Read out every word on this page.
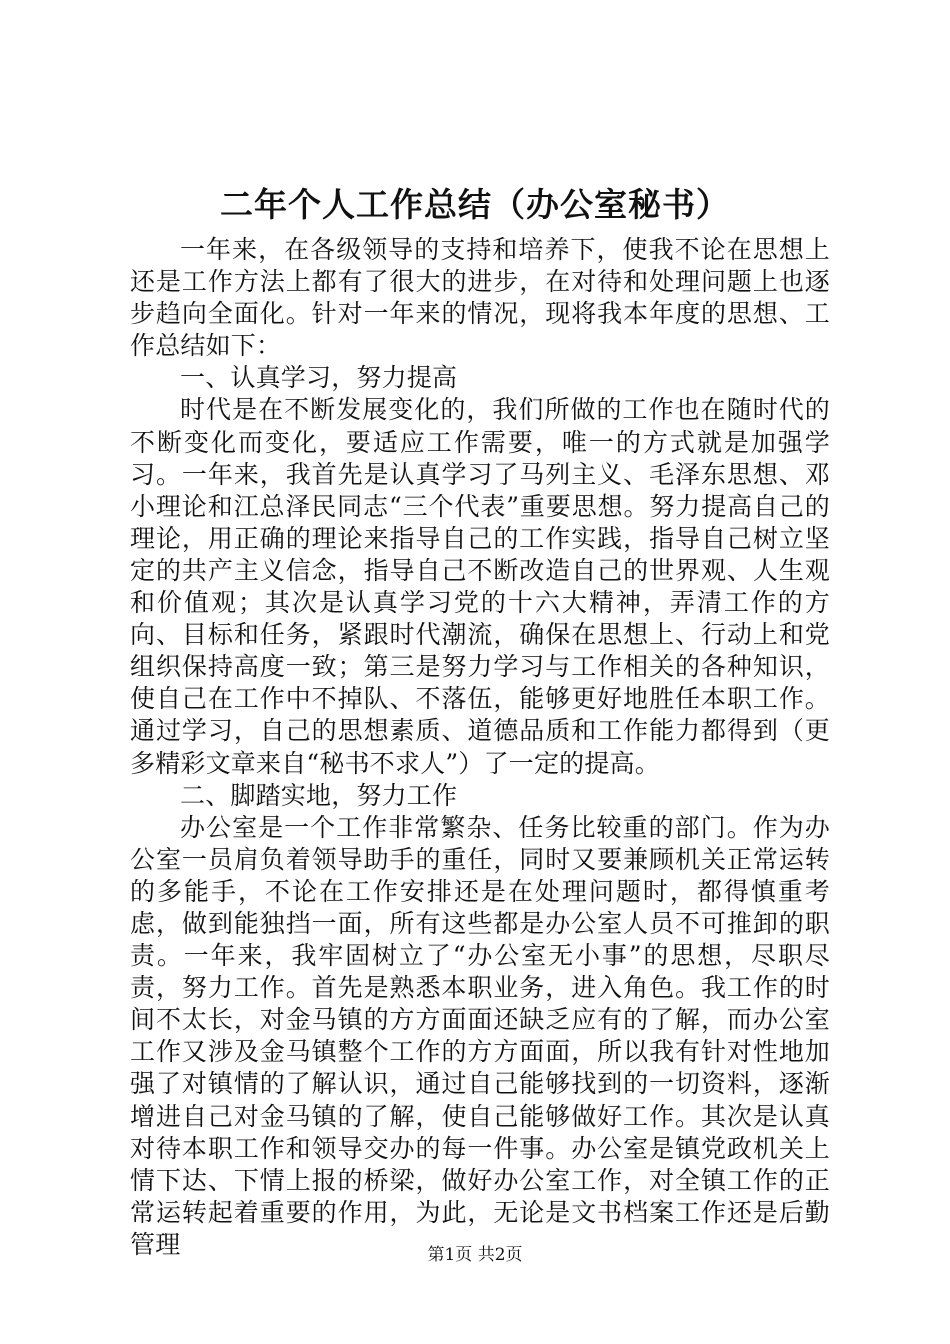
二年个人工作总结（办公室秘书）

一年来，在各级领导的支持和培养下，使我不论在思想上还是工作方法上都有了很大的进步，在对待和处理问题上也逐步趋向全面化。针对一年来的情况，现将我本年度的思想、工作总结如下：

一、认真学习，努力提高

时代是在不断发展变化的，我们所做的工作也在随时代的不断变化而变化，要适应工作需要，唯一的方式就是加强学习。一年来，我首先是认真学习了马列主义、毛泽东思想、邓小理论和江总泽民同志“三个代表”重要思想。努力提高自己的理论，用正确的理论来指导自己的工作实践，指导自己树立坚定的共产主义信念，指导自己不断改造自己的世界观、人生观和价值观；其次是认真学习党的十六大精神，弄清工作的方向、目标和任务，紧跟时代潮流，确保在思想上、行动上和党组织保持高度一致；第三是努力学习与工作相关的各种知识，使自己在工作中不掉队、不落伍，能够更好地胜任本职工作。通过学习，自己的思想素质、道德品质和工作能力都得到（更多精彩文章来自“秘书不求人”）了一定的提高。

二、脚踏实地，努力工作

办公室是一个工作非常繁杂、任务比较重的部门。作为办公室一员肩负着领导助手的重任，同时又要兼顾机关正常运转的多能手，不论在工作安排还是在处理问题时，都得慎重考虑，做到能独挡一面，所有这些都是办公室人员不可推卸的职责。一年来，我牢固树立了“办公室无小事”的思想，尽职尽责，努力工作。首先是熟悉本职业务，进入角色。我工作的时间不太长，对金马镇的方方面面还缺乏应有的了解，而办公室工作又涉及金马镇整个工作的方方面面，所以我有针对性地加强了对镇情的了解认识，通过自己能够找到的一切资料，逐渐增进自己对金马镇的了解，使自己能够做好工作。其次是认真对待本职工作和领导交办的每一件事。办公室是镇党政机关上情下达、下情上报的桥梁，做好办公室工作，对全镇工作的正常运转起着重要的作用，为此，无论是文书档案工作还是后勤管理	第1页 共2页
